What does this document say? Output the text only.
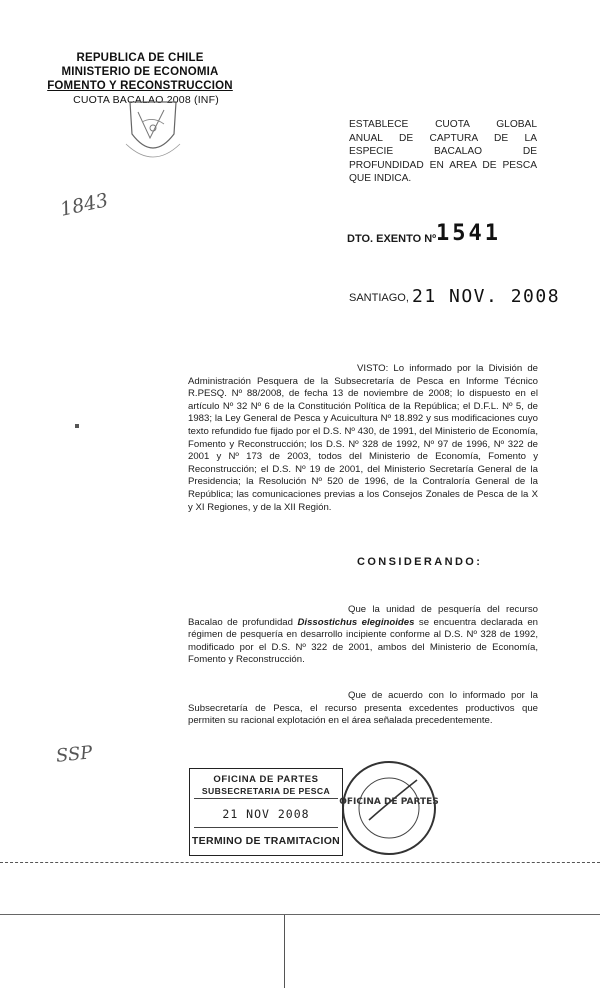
REPUBLICA DE CHILE
MINISTERIO DE ECONOMIA
FOMENTO Y RECONSTRUCCION
CUOTA BACALAO 2008 (INF)
ESTABLECE CUOTA GLOBAL
ANUAL DE CAPTURA DE LA
ESPECIE BACALAO DE
PROFUNDIDAD EN AREA DE PESCA
QUE INDICA.
1843
DTO. EXENTO Nº 1541
SANTIAGO, 21 NOV. 2008
VISTO: Lo informado por la División de Administración Pesquera de la Subsecretaría de Pesca en Informe Técnico R.PESQ. Nº 88/2008, de fecha 13 de noviembre de 2008; lo dispuesto en el artículo Nº 32 Nº 6 de la Constitución Política de la República; el D.F.L. Nº 5, de 1983; la Ley General de Pesca y Acuicultura Nº 18.892 y sus modificaciones cuyo texto refundido fue fijado por el D.S. Nº 430, de 1991, del Ministerio de Economía, Fomento y Reconstrucción; los D.S. Nº 328 de 1992, Nº 97 de 1996, Nº 322 de 2001 y Nº 173 de 2003, todos del Ministerio de Economía, Fomento y Reconstrucción; el D.S. Nº 19 de 2001, del Ministerio Secretaría General de la Presidencia; la Resolución Nº 520 de 1996, de la Contraloría General de la República; las comunicaciones previas a los Consejos Zonales de Pesca de la X y XI Regiones, y de la XII Región.
CONSIDERANDO:
Que la unidad de pesquería del recurso Bacalao de profundidad Dissostichus eleginoides se encuentra declarada en régimen de pesquería en desarrollo incipiente conforme al D.S. Nº 328 de 1992, modificado por el D.S. Nº 322 de 2001, ambos del Ministerio de Economía, Fomento y Reconstrucción.
Que de acuerdo con lo informado por la Subsecretaría de Pesca, el recurso presenta excedentes productivos que permiten su racional explotación en el área señalada precedentemente.
SSP
OFICINA DE PARTES
SUBSECRETARIA DE PESCA
21 NOV 2008
TERMINO DE TRAMITACION
OFICINA DE PARTES
